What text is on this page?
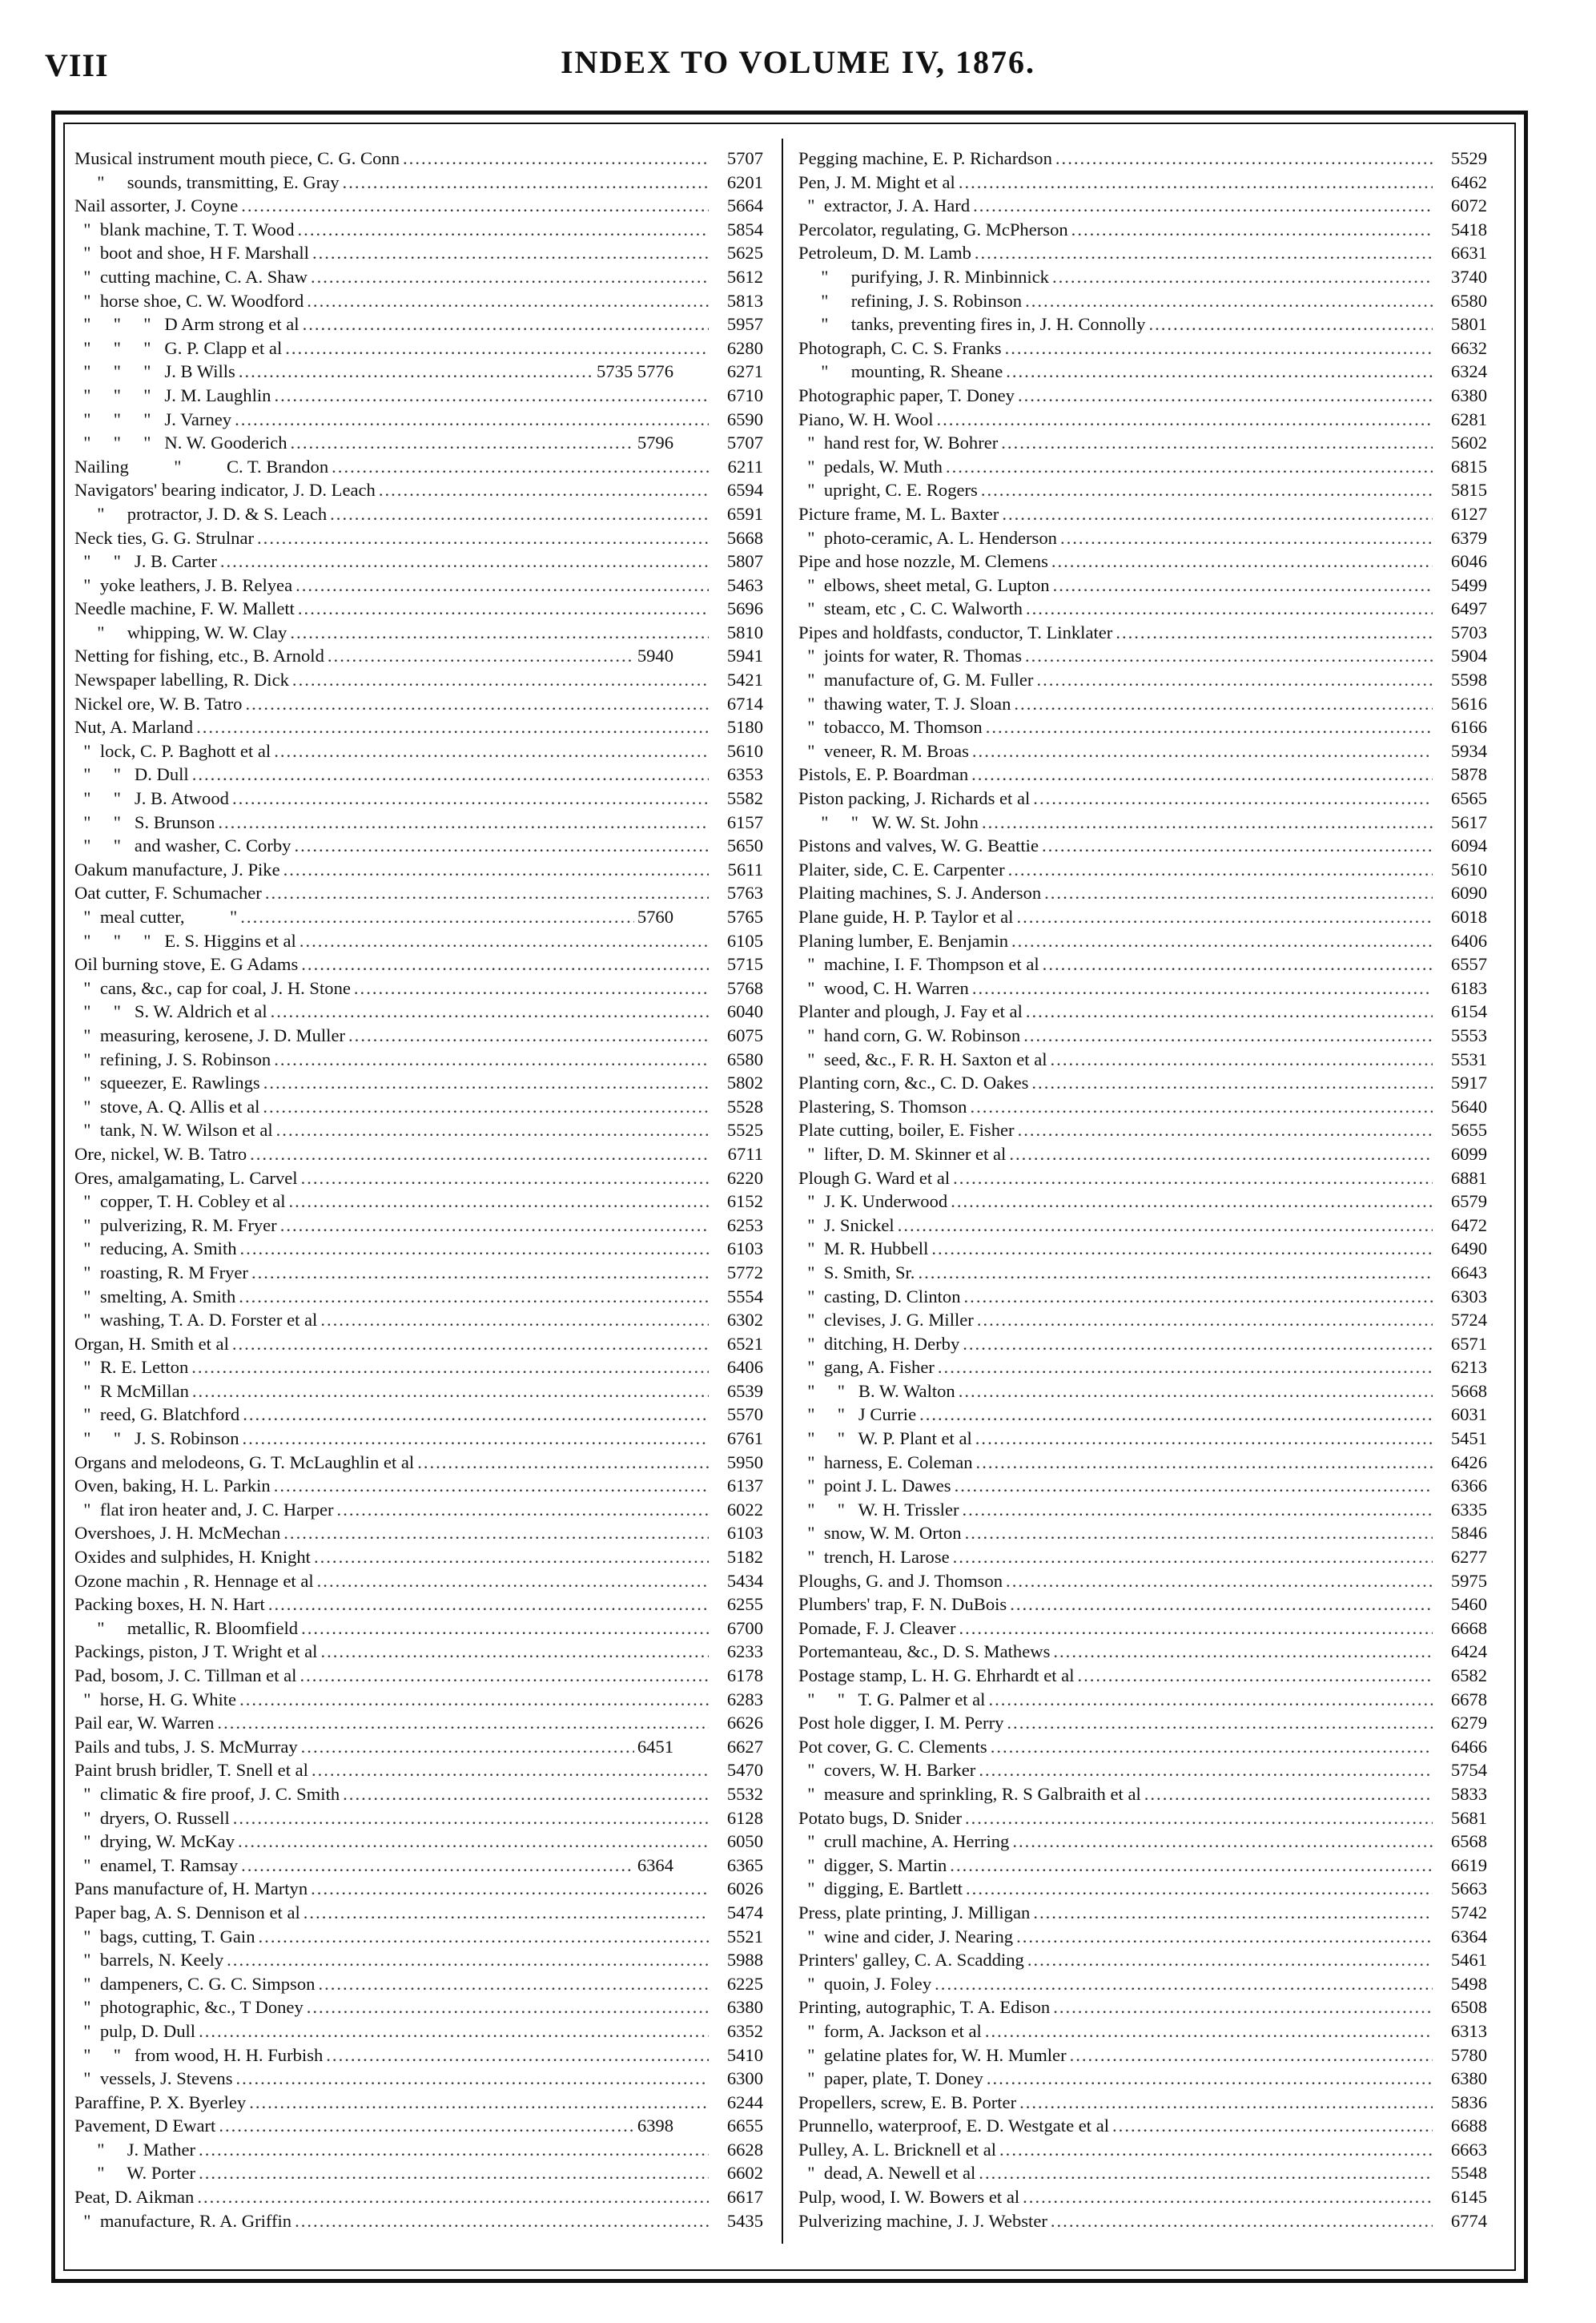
VIII	INDEX TO VOLUME IV, 1876.
Musical instrument mouth piece, C. G. Conn .....	5707
"     sounds, transmitting, E. Gray .....	6201
Nail assorter, J. Coyne .....	5664
"  blank machine, T. T. Wood .....	5854
"  boot and shoe, H F. Marshall .....	5625
"  cutting machine, C. A. Shaw .....	5612
"  horse shoe, C. W. Woodford .....	5813
"     "     "   D Arm strong et al .....	5957
"     "     "   G. P. Clapp et al .....	6280
"     "     "   J. B Wills .....	5735 5776	6271
"     "     "   J. M. Laughlin .....	6710
"     "     "   J. Varney .....	6590
"     "     "   N. W. Gooderich .....	5796	5707
Nailing          "          C. T. Brandon .....	6211
Navigators' bearing indicator, J. D. Leach .....	6594
"     protractor, J. D. & S. Leach .....	6591
Neck ties, G. G. Strulnar .....	5668
"     "   J. B. Carter .....	5807
"  yoke leathers, J. B. Relyea .....	5463
Needle machine, F. W. Mallett .....	5696
"     whipping, W. W. Clay .....	5810
Netting for fishing, etc., B. Arnold .....	5940	5941
Newspaper labelling, R. Dick .....	5421
Nickel ore, W. B. Tatro .....	6714
Nut, A. Marland .....	5180
"  lock, C. P. Baghott et al .....	5610
"     "   D. Dull .....	6353
"     "   J. B. Atwood .....	5582
"     "   S. Brunson .....	6157
"     "   and washer, C. Corby .....	5650
Oakum manufacture, J. Pike .....	5611
Oat cutter, F. Schumacher .....	5763
"  meal cutter,          " .....	5760	5765
"     "     "   E. S. Higgins et al .....	6105
Oil burning stove, E. G Adams .....	5715
"  cans, &c., cap for coal, J. H. Stone .....	5768
"     "   S. W. Aldrich et al .....	6040
"  measuring, kerosene, J. D. Muller .....	6075
"  refining, J. S. Robinson .....	6580
"  squeezer, E. Rawlings .....	5802
"  stove, A. Q. Allis et al .....	5528
"  tank, N. W. Wilson et al .....	5525
Ore, nickel, W. B. Tatro .....	6711
Ores, amalgamating, L. Carvel .....	6220
"  copper, T. H. Cobley et al .....	6152
"  pulverizing, R. M. Fryer .....	6253
"  reducing, A. Smith .....	6103
"  roasting, R. M Fryer .....	5772
"  smelting, A. Smith .....	5554
"  washing, T. A. D. Forster et al .....	6302
Organ, H. Smith et al .....	6521
"  R. E. Letton .....	6406
"  R McMillan .....	6539
"  reed, G. Blatchford .....	5570
"     "   J. S. Robinson .....	6761
Organs and melodeons, G. T. McLaughlin et al .....	5950
Oven, baking, H. L. Parkin .....	6137
"  flat iron heater and, J. C. Harper .....	6022
Overshoes, J. H. McMechan .....	6103
Oxides and sulphides, H. Knight .....	5182
Ozone machin , R. Hennage et al .....	5434
Packing boxes, H. N. Hart .....	6255
"     metallic, R. Bloomfield .....	6700
Packings, piston, J T. Wright et al .....	6233
Pad, bosom, J. C. Tillman et al .....	6178
"  horse, H. G. White .....	6283
Pail ear, W. Warren .....	6626
Pails and tubs, J. S. McMurray .....	6451	6627
Paint brush bridler, T. Snell et al .....	5470
"  climatic & fire proof, J. C. Smith .....	5532
"  dryers, O. Russell .....	6128
"  drying, W. McKay .....	6050
"  enamel, T. Ramsay .....	6364	6365
Pans manufacture of, H. Martyn .....	6026
Paper bag, A. S. Dennison et al .....	5474
"  bags, cutting, T. Gain .....	5521
"  barrels, N. Keely .....	5988
"  dampeners, C. G. C. Simpson .....	6225
"  photographic, &c., T Doney .....	6380
"  pulp, D. Dull .....	6352
"     "   from wood, H. H. Furbish .....	5410
"  vessels, J. Stevens .....	6300
Paraffine, P. X. Byerley .....	6244
Pavement, D Ewart .....	6398	6655
"     J. Mather .....	6628
"     W. Porter .....	6602
Peat, D. Aikman .....	6617
"  manufacture, R. A. Griffin .....	5435
Pegging machine, E. P. Richardson .....	5529
Pen, J. M. Might et al .....	6462
"  extractor, J. A. Hard .....	6072
Percolator, regulating, G. McPherson .....	5418
Petroleum, D. M. Lamb .....	6631
"     purifying, J. R. Minbinnick .....	3740
"     refining, J. S. Robinson .....	6580
"     tanks, preventing fires in, J. H. Connolly .....	5801
Photograph, C. C. S. Franks .....	6632
"     mounting, R. Sheane .....	6324
Photographic paper, T. Doney .....	6380
Piano, W. H. Wool .....	6281
"  hand rest for, W. Bohrer .....	5602
"  pedals, W. Muth .....	6815
"  upright, C. E. Rogers .....	5815
Picture frame, M. L. Baxter .....	6127
"  photo-ceramic, A. L. Henderson .....	6379
Pipe and hose nozzle, M. Clemens .....	6046
"  elbows, sheet metal, G. Lupton .....	5499
"  steam, etc , C. C. Walworth .....	6497
Pipes and holdfasts, conductor, T. Linklater .....	5703
"  joints for water, R. Thomas .....	5904
"  manufacture of, G. M. Fuller .....	5598
"  thawing water, T. J. Sloan .....	5616
"  tobacco, M. Thomson .....	6166
"  veneer, R. M. Broas .....	5934
Pistols, E. P. Boardman .....	5878
Piston packing, J. Richards et al .....	6565
"     "   W. W. St. John .....	5617
Pistons and valves, W. G. Beattie .....	6094
Plaiter, side, C. E. Carpenter .....	5610
Plaiting machines, S. J. Anderson .....	6090
Plane guide, H. P. Taylor et al .....	6018
Planing lumber, E. Benjamin .....	6406
"  machine, I. F. Thompson et al .....	6557
"  wood, C. H. Warren .....	6183
Planter and plough, J. Fay et al .....	6154
"  hand corn, G. W. Robinson .....	5553
"  seed, &c., F. R. H. Saxton et al .....	5531
Planting corn, &c., C. D. Oakes .....	5917
Plastering, S. Thomson .....	5640
Plate cutting, boiler, E. Fisher .....	5655
"  lifter, D. M. Skinner et al .....	6099
Plough G. Ward et al .....	6881
"  J. K. Underwood .....	6579
"  J. Snickel .....	6472
"  M. R. Hubbell .....	6490
"  S. Smith, Sr. .....	6643
"  casting, D. Clinton .....	6303
"  clevises, J. G. Miller .....	5724
"  ditching, H. Derby .....	6571
"  gang, A. Fisher .....	6213
"     "   B. W. Walton .....	5668
"     "   J Currie .....	6031
"     "   W. P. Plant et al .....	5451
"  harness, E. Coleman .....	6426
"  point J. L. Dawes .....	6366
"     "   W. H. Trissler .....	6335
"  snow, W. M. Orton .....	5846
"  trench, H. Larose .....	6277
Ploughs, G. and J. Thomson .....	5975
Plumbers' trap, F. N. DuBois .....	5460
Pomade, F. J. Cleaver .....	6668
Portemanteau, &c., D. S. Mathews .....	6424
Postage stamp, L. H. G. Ehrhardt et al .....	6582
"     "   T. G. Palmer et al .....	6678
Post hole digger, I. M. Perry .....	6279
Pot cover, G. C. Clements .....	6466
"  covers, W. H. Barker .....	5754
"  measure and sprinkling, R. S Galbraith et al .....	5833
Potato bugs, D. Snider .....	5681
"  crull machine, A. Herring .....	6568
"  digger, S. Martin .....	6619
"  digging, E. Bartlett .....	5663
Press, plate printing, J. Milligan .....	5742
"  wine and cider, J. Nearing .....	6364
Printers' galley, C. A. Scadding .....	5461
"  quoin, J. Foley .....	5498
Printing, autographic, T. A. Edison .....	6508
"  form, A. Jackson et al .....	6313
"  gelatine plates for, W. H. Mumler .....	5780
"  paper, plate, T. Doney .....	6380
Propellers, screw, E. B. Porter .....	5836
Prunnello, waterproof, E. D. Westgate et al .....	6688
Pulley, A. L. Bricknell et al .....	6663
"  dead, A. Newell et al .....	5548
Pulp, wood, I. W. Bowers et al .....	6145
Pulverizing machine, J. J. Webster .....	6774
